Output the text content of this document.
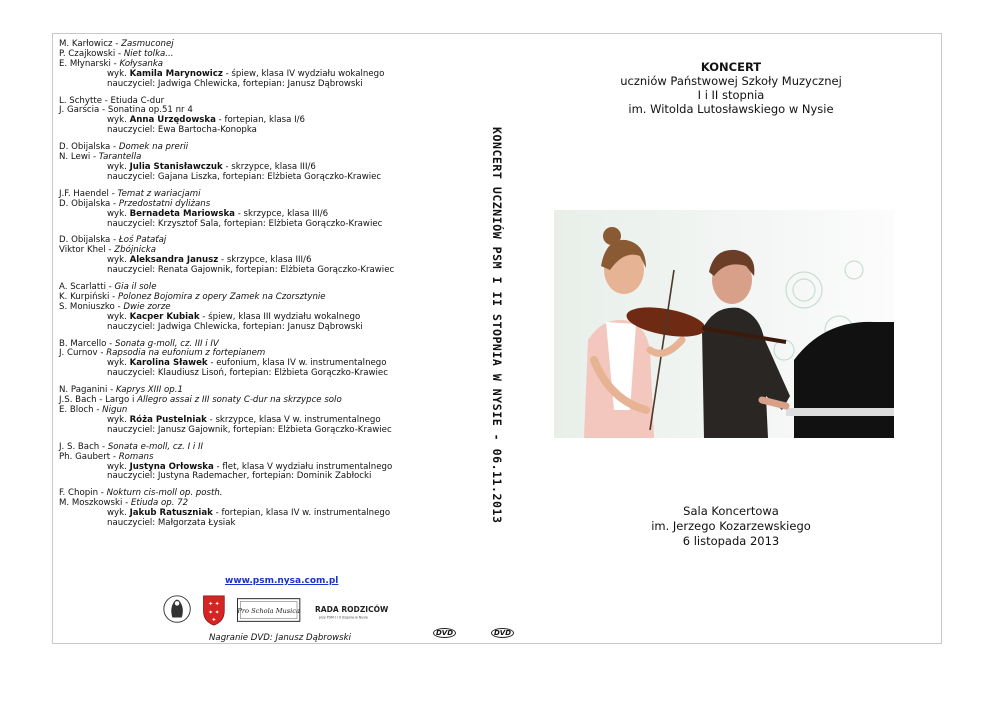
M. Karłowicz - Zasmuconej
P. Czajkowski - Niet tolka...
E. Młynarski - Kołysanka
wyk. Kamila Marynowicz - śpiew, klasa IV wydziału wokalnego
nauczyciel: Jadwiga Chlewicka, fortepian: Janusz Dąbrowski
L. Schytte - Etiuda C-dur
J. Garścia - Sonatina op.51 nr 4
wyk. Anna Urzędowska - fortepian, klasa I/6
nauczyciel: Ewa Bartocha-Konopka
D. Obijalska - Domek na prerii
N. Lewi - Tarantella
wyk. Julia Stanisławczuk - skrzypce, klasa III/6
nauczyciel: Gajana Liszka, fortepian: Elżbieta Gorączko-Krawiec
J.F. Haendel - Temat z wariacjami
D. Obijalska - Przedostatni dyliżans
wyk. Bernadeta Mariowska - skrzypce, klasa III/6
nauczyciel: Krzysztof Sala, fortepian: Elżbieta Gorączko-Krawiec
D. Obijalska - Łoś Pataťaj
Viktor Khel - Zbójnicka
wyk. Aleksandra Janusz - skrzypce, klasa III/6
nauczyciel: Renata Gajownik, fortepian: Elżbieta Gorączko-Krawiec
A. Scarlatti - Gia il sole
K. Kurpiński - Polonez Bojomira z opery Zamek na Czorsztynie
S. Moniuszko - Dwie zorze
wyk. Kacper Kubiak - śpiew, klasa III wydziału wokalnego
nauczyciel: Jadwiga Chlewicka, fortepian: Janusz Dąbrowski
B. Marcello - Sonata g-moll, cz. III i IV
J. Curnov - Rapsodia na eufonium z fortepianem
wyk. Karolina Sławek - eufonium, klasa IV w. instrumentalnego
nauczyciel: Klaudiusz Lisoń, fortepian: Elżbieta Gorączko-Krawiec
N. Paganini - Kaprys XIII op.1
J.S. Bach - Largo i Allegro assai z III sonaty C-dur na skrzypce solo
E. Bloch - Nigun
wyk. Róża Pustelniak - skrzypce, klasa V w. instrumentalnego
nauczyciel: Janusz Gajownik, fortepian: Elżbieta Gorączko-Krawiec
J. S. Bach - Sonata e-moll, cz. I i II
Ph. Gaubert - Romans
wyk. Justyna Orłowska - flet, klasa V wydziału instrumentalnego
nauczyciel: Justyna Rademacher, fortepian: Dominik Zabłocki
F. Chopin - Nokturn cis-moll op. posth.
M. Moszkowski - Etiuda op. 72
wyk. Jakub Ratuszniak - fortepian, klasa IV w. instrumentalnego
nauczyciel: Małgorzata Łysiak
www.psm.nysa.com.pl
✦ ✦
✦ ✦
✦
Pro Schola Musica RADA RODZICÓW
przy PSM I i II stopnia w Nysie
Nagranie DVD: Janusz Dąbrowski	DVD	DVD
KONCERT UCZNIÓW PSM I II STOPNIA W NYSIE - 06.11.2013
KONCERT
uczniów Państwowej Szkoły Muzycznej
I i II stopnia
im. Witolda Lutosławskiego w Nysie
Sala Koncertowa
im. Jerzego Kozarzewskiego
6 listopada 2013
